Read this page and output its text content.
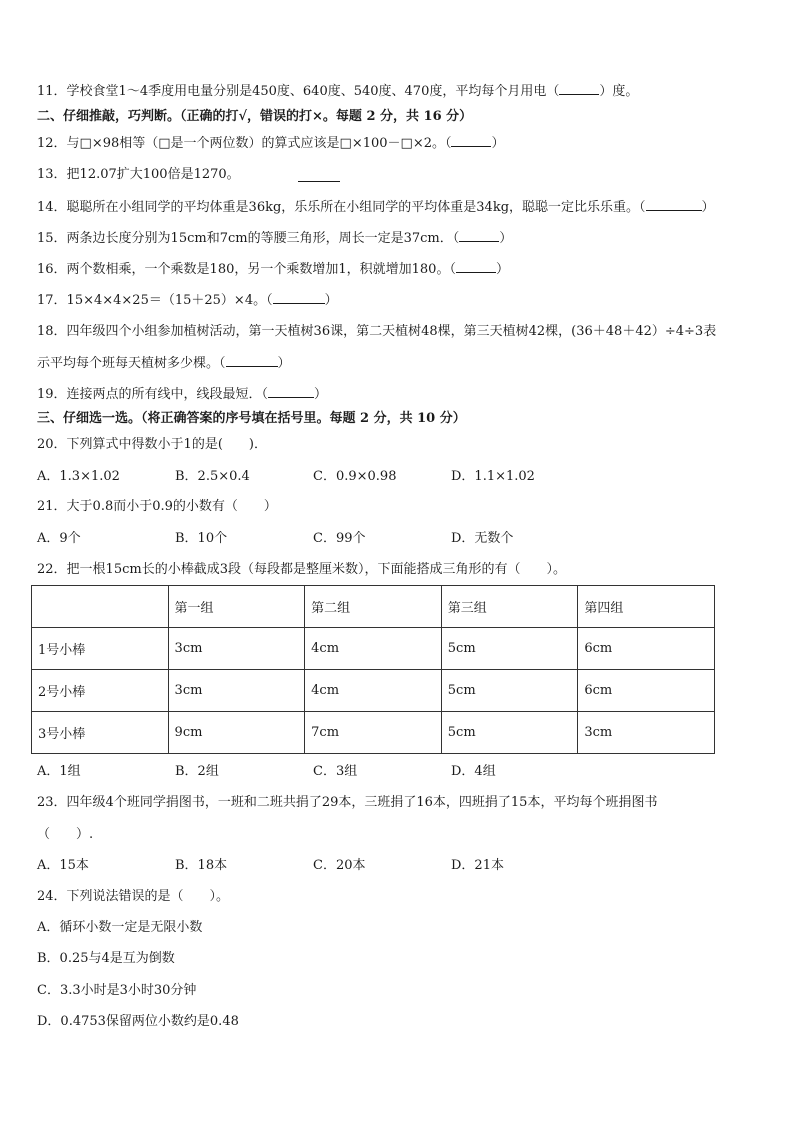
11．学校食堂1～4季度用电量分别是450度、640度、540度、470度，平均每个月用电（	）度。
二、仔细推敲，巧判断。（正确的打√，错误的打×。每题 2 分，共 16 分）
12．与□×98相等（□是一个两位数）的算式应该是□×100－□×2。（	）
13．把12.07扩大100倍是1270。
14．聪聪所在小组同学的平均体重是36kg，乐乐所在小组同学的平均体重是34kg，聪聪一定比乐乐重。（	）
15．两条边长度分别为15cm和7cm的等腰三角形，周长一定是37cm．（	）
16．两个数相乘，一个乘数是180，另一个乘数增加1，积就增加180。（	）
17．15×4×4×25＝（15＋25）×4。（	）
18．四年级四个小组参加植树活动，第一天植树36课，第二天植树48棵，第三天植树42棵，(36＋48＋42）÷4÷3表
示平均每个班每天植树多少棵。（	）
19．连接两点的所有线中，线段最短．（	）
三、仔细选一选。（将正确答案的序号填在括号里。每题 2 分，共 10 分）
20．下列算式中得数小于1的是(　　)．
A．1.3×1.02	B．2.5×0.4	C．0.9×0.98	D．1.1×1.02
21．大于0.8而小于0.9的小数有（　　）
A．9个	B．10个	C．99个	D．无数个
22．把一根15cm长的小棒截成3段（每段都是整厘米数），下面能搭成三角形的有（　　）。
	第一组	第二组	第三组	第四组
1号小棒	3cm	4cm	5cm	6cm
2号小棒	3cm	4cm	5cm	6cm
3号小棒	9cm	7cm	5cm	3cm
A．1组	B．2组	C．3组	D．4组
23．四年级4个班同学捐图书，一班和二班共捐了29本，三班捐了16本，四班捐了15本，平均每个班捐图书
（　　）.
A．15本	B．18本	C．20本	D．21本
24．下列说法错误的是（　　）。
A．循环小数一定是无限小数
B．0.25与4是互为倒数
C．3.3小时是3小时30分钟
D．0.4753保留两位小数约是0.48
